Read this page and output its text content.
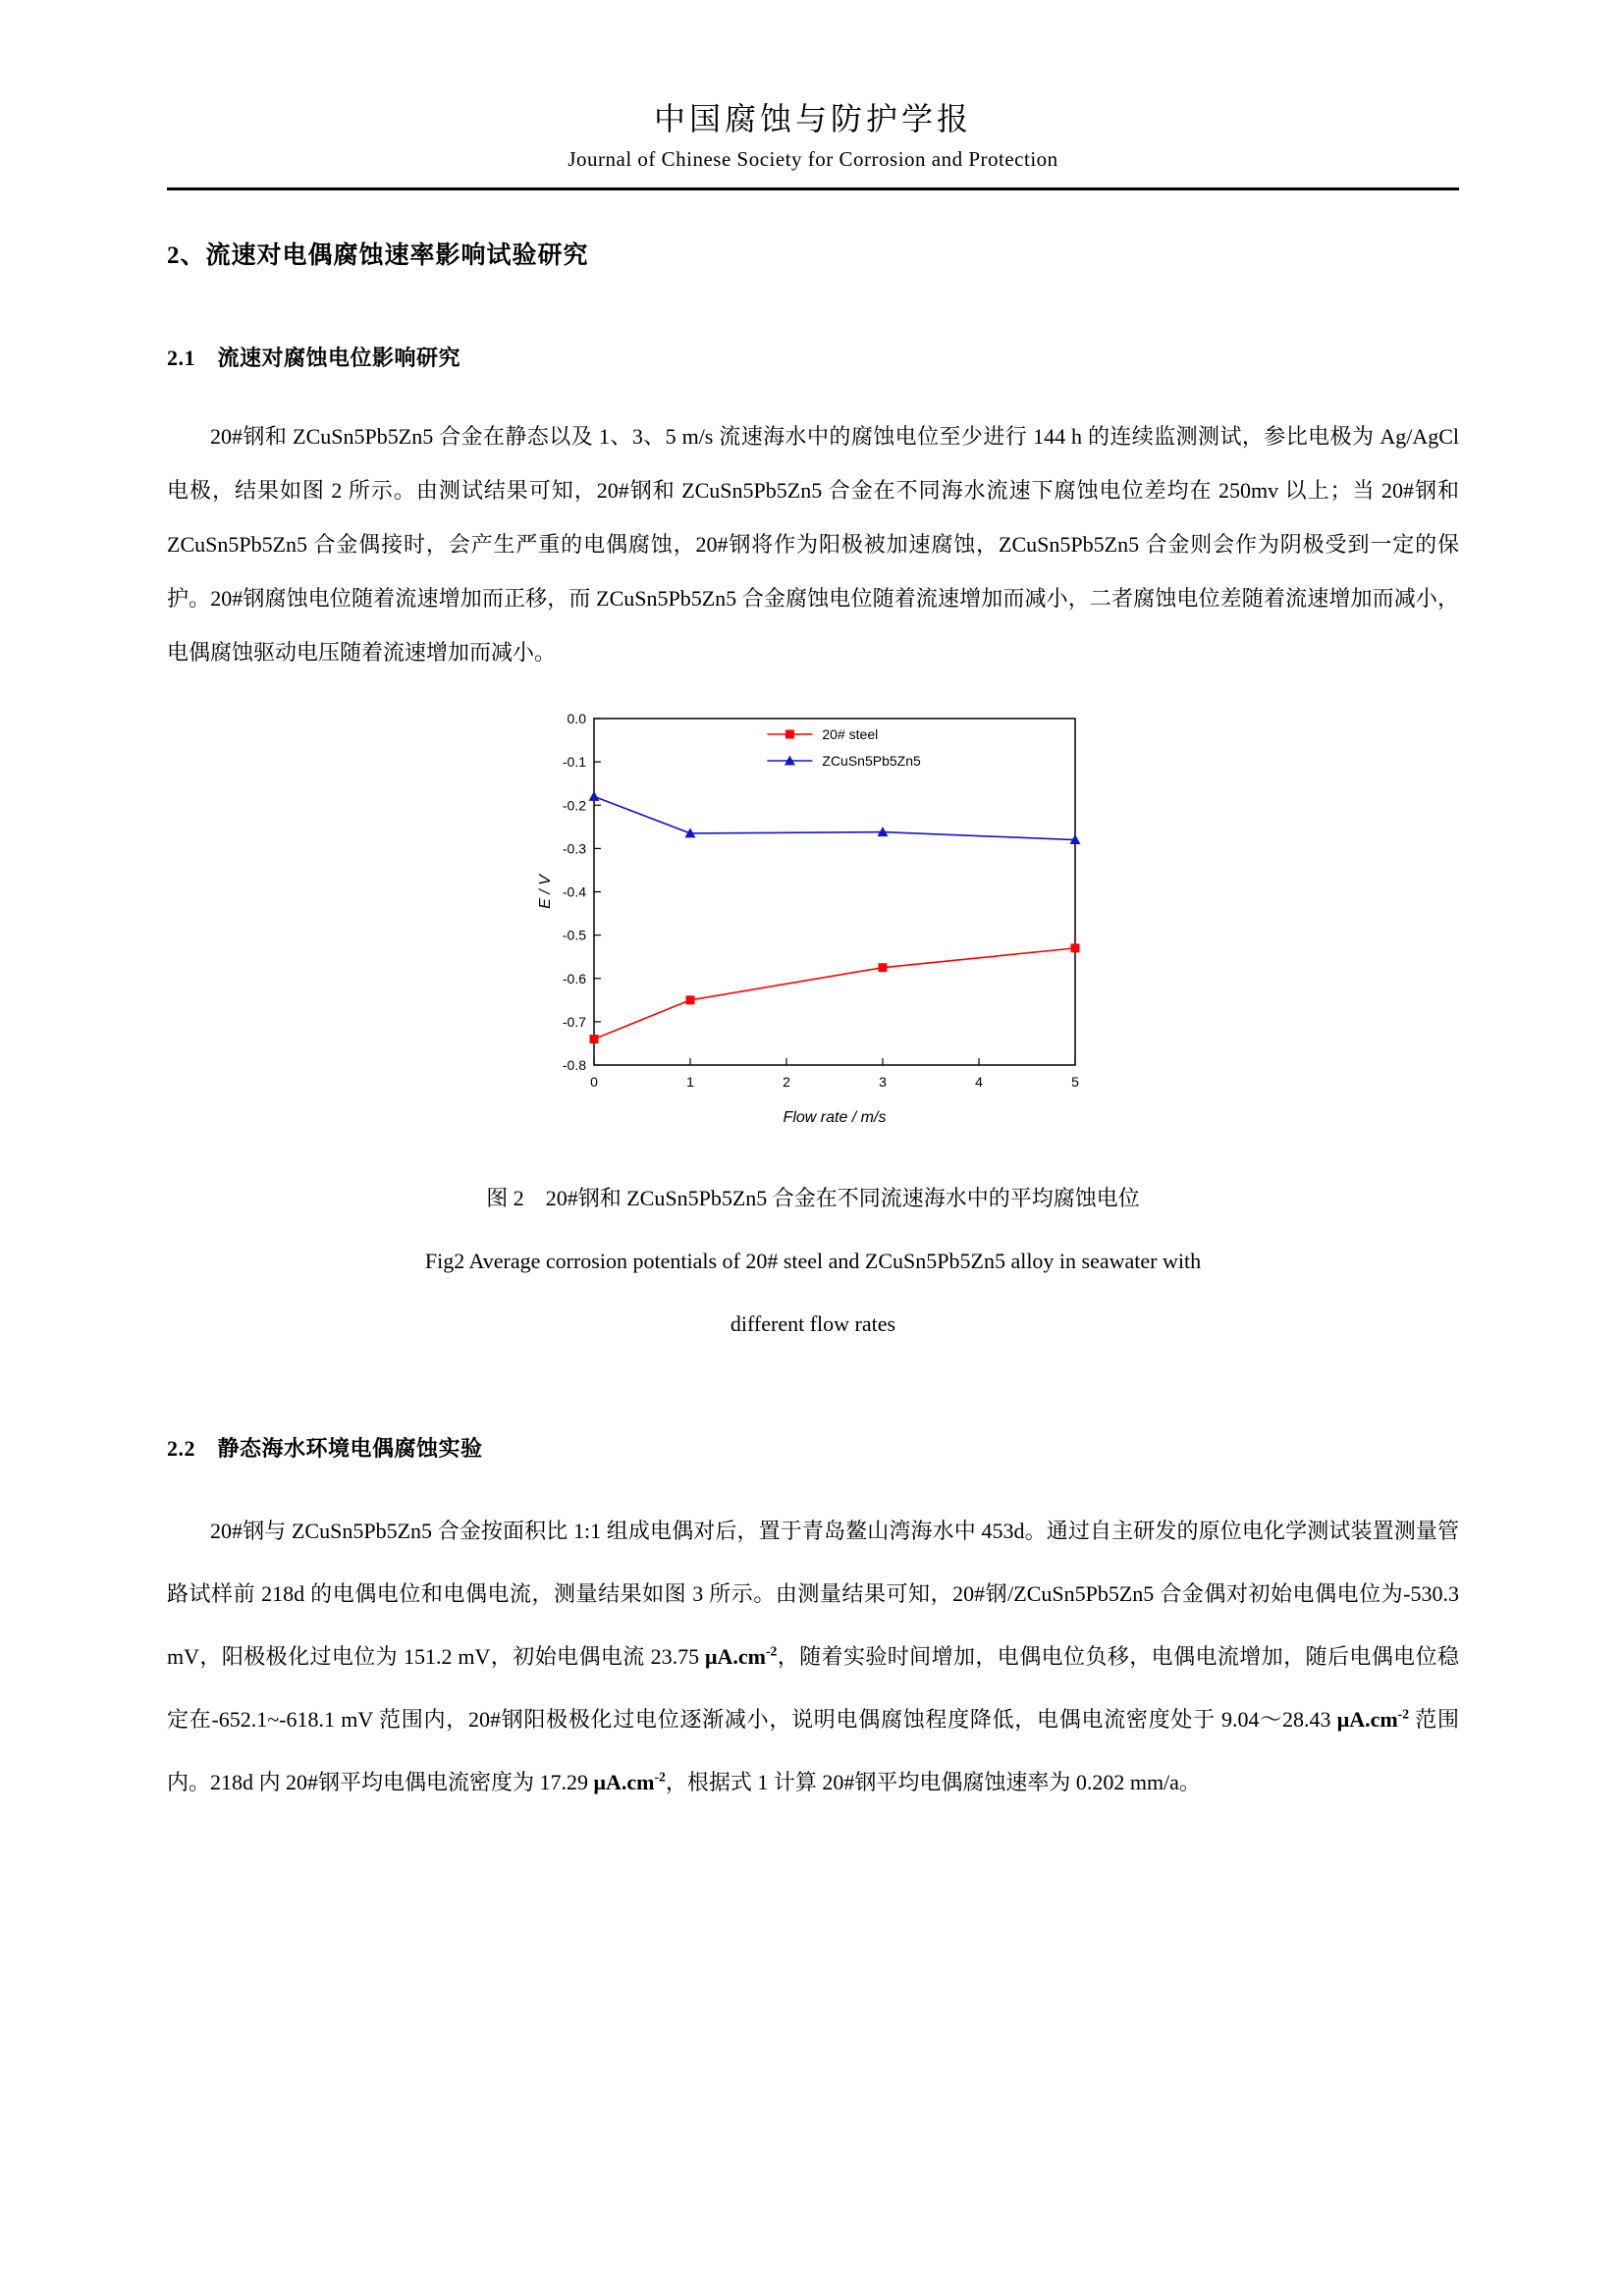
中国腐蚀与防护学报
Journal of Chinese Society for Corrosion and Protection
2、流速对电偶腐蚀速率影响试验研究
2.1　流速对腐蚀电位影响研究

20#钢和 ZCuSn5Pb5Zn5 合金在静态以及 1、3、5 m/s 流速海水中的腐蚀电位至少进行 144 h 的连续监测测试，参比电极为 Ag/AgCl 电极，结果如图 2 所示。由测试结果可知，20#钢和 ZCuSn5Pb5Zn5 合金在不同海水流速下腐蚀电位差均在 250mv 以上；当 20#钢和 ZCuSn5Pb5Zn5 合金偶接时，会产生严重的电偶腐蚀，20#钢将作为阳极被加速腐蚀，ZCuSn5Pb5Zn5 合金则会作为阴极受到一定的保护。20#钢腐蚀电位随着流速增加而正移，而 ZCuSn5Pb5Zn5 合金腐蚀电位随着流速增加而减小，二者腐蚀电位差随着流速增加而减小，电偶腐蚀驱动电压随着流速增加而减小。

0	1	2	3	4	5
0.0
-0.1
-0.2
-0.3
-0.4
-0.5
-0.6
-0.7
-0.8
Flow rate / m/s
E / V
20# steel
ZCuSn5Pb5Zn5
图 2　20#钢和 ZCuSn5Pb5Zn5 合金在不同流速海水中的平均腐蚀电位
Fig2 Average corrosion potentials of 20# steel and ZCuSn5Pb5Zn5 alloy in seawater with
different flow rates
2.2　静态海水环境电偶腐蚀实验

20#钢与 ZCuSn5Pb5Zn5 合金按面积比 1:1 组成电偶对后，置于青岛鳌山湾海水中 453d。通过自主研发的原位电化学测试装置测量管路试样前 218d 的电偶电位和电偶电流，测量结果如图 3 所示。由测量结果可知，20#钢/ZCuSn5Pb5Zn5 合金偶对初始电偶电位为-530.3 mV，阳极极化过电位为 151.2 mV，初始电偶电流 23.75 $\mu A.cm^{-2}$，随着实验时间增加，电偶电位负移，电偶电流增加，随后电偶电位稳定在-652.1~-618.1 mV 范围内，20#钢阳极极化过电位逐渐减小，说明电偶腐蚀程度降低，电偶电流密度处于 9.04～28.43 $\mu A.cm^{-2}$ 范围内。218d 内 20#钢平均电偶电流密度为 17.29 $\mu A.cm^{-2}$，根据式 1 计算 20#钢平均电偶腐蚀速率为 0.202 mm/a。
